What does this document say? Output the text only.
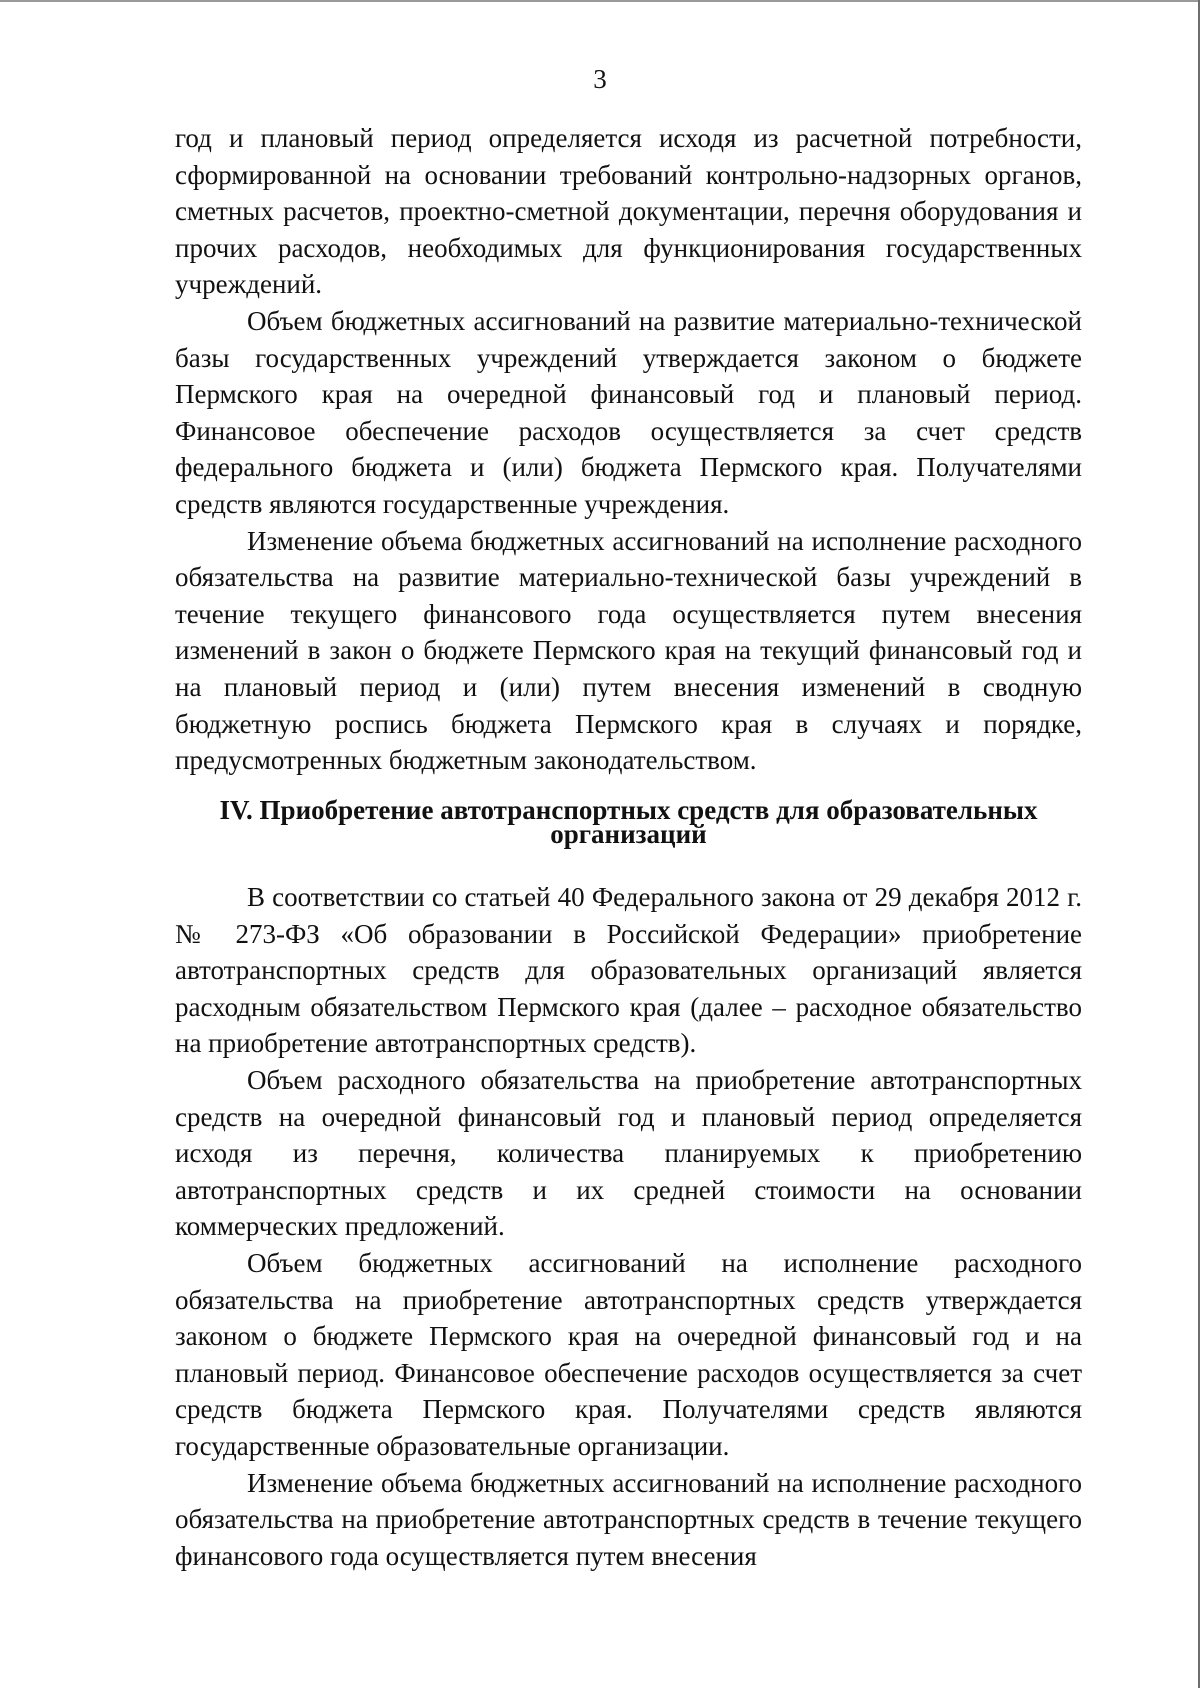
3

год и плановый период определяется исходя из расчетной потребности, сформированной на основании требований контрольно-надзорных органов, сметных расчетов, проектно-сметной документации, перечня оборудования и прочих расходов, необходимых для функционирования государственных учреждений.

Объем бюджетных ассигнований на развитие материально-технической базы государственных учреждений утверждается законом о бюджете Пермского края на очередной финансовый год и плановый период. Финансовое обеспечение расходов осуществляется за счет средств федерального бюджета и (или) бюджета Пермского края. Получателями средств являются государственные учреждения.

Изменение объема бюджетных ассигнований на исполнение расходного обязательства на развитие материально-технической базы учреждений в течение текущего финансового года осуществляется путем внесения изменений в закон о бюджете Пермского края на текущий финансовый год и на плановый период и (или) путем внесения изменений в сводную бюджетную роспись бюджета Пермского края в случаях и порядке, предусмотренных бюджетным законодательством.

IV. Приобретение автотранспортных средств для образовательных
организаций

В соответствии со статьей 40 Федерального закона от 29 декабря 2012 г. № 273-ФЗ «Об образовании в Российской Федерации» приобретение автотранспортных средств для образовательных организаций является расходным обязательством Пермского края (далее – расходное обязательство на приобретение автотранспортных средств).

Объем расходного обязательства на приобретение автотранспортных средств на очередной финансовый год и плановый период определяется исходя из перечня, количества планируемых к приобретению автотранспортных средств и их средней стоимости на основании коммерческих предложений.

Объем бюджетных ассигнований на исполнение расходного обязательства на приобретение автотранспортных средств утверждается законом о бюджете Пермского края на очередной финансовый год и на плановый период. Финансовое обеспечение расходов осуществляется за счет средств бюджета Пермского края. Получателями средств являются государственные образовательные организации.

Изменение объема бюджетных ассигнований на исполнение расходного обязательства на приобретение автотранспортных средств в течение текущего финансового года осуществляется путем внесения
